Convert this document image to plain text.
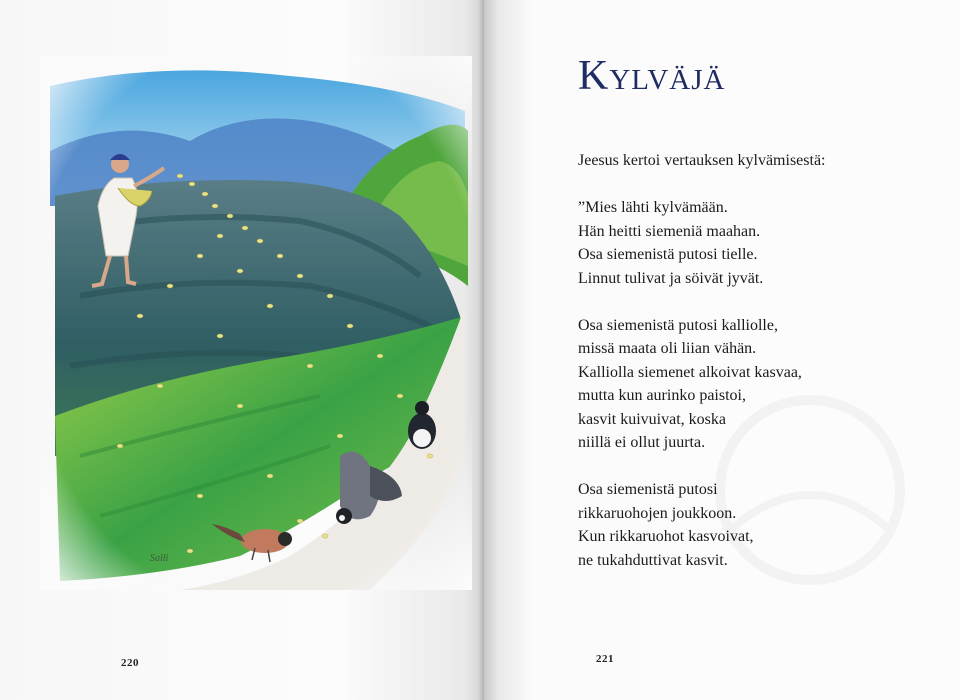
Salli
220
Kylväjä

Jeesus kertoi vertauksen kylvämisestä:

”Mies lähti kylvämään.
Hän heitti siemeniä maahan.
Osa siemenistä putosi tielle.
Linnut tulivat ja söivät jyvät.
Osa siemenistä putosi kalliolle,
missä maata oli liian vähän.
Kalliolla siemenet alkoivat kasvaa,
mutta kun aurinko paistoi,
kasvit kuivuivat, koska
niillä ei ollut juurta.
Osa siemenistä putosi
rikkaruohojen joukkoon.
Kun rikkaruohot kasvoivat,
ne tukahduttivat kasvit.
221
